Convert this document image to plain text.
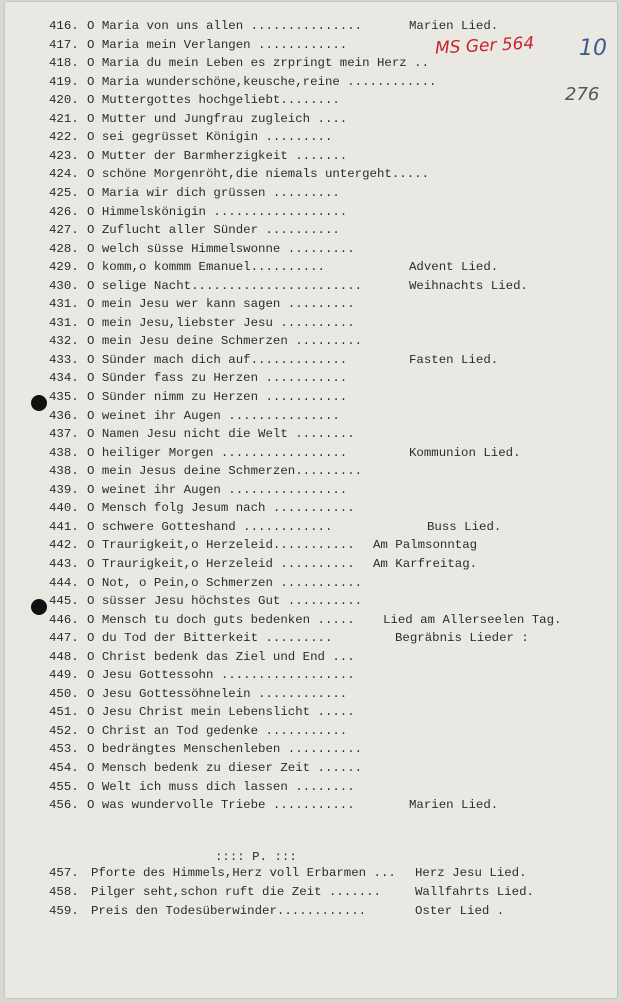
MS Ger 564 10
276
416. O Maria von uns allen ...............	Marien Lied.
417. O Maria mein Verlangen ............
418. O Maria du mein Leben es zrpringt mein Herz ..
419. O Maria wunderschöne,keusche,reine ............
420. O Muttergottes hochgeliebt........
421. O Mutter und Jungfrau zugleich ....
422. O sei gegrüsset Königin .........
423. O Mutter der Barmherzigkeit .......
424. O schöne Morgenröht,die niemals untergeht.....
425. O Maria wir dich grüssen .........
426. O Himmelskönigin ..................
427. O Zuflucht aller Sünder ..........
428. O welch süsse Himmelswonne .........
429. O komm,o kommm Emanuel..........	Advent Lied.
430. O selige Nacht.......................	Weihnachts Lied.
431. O mein Jesu wer kann sagen .........
431. O mein Jesu,liebster Jesu ..........
432. O mein Jesu deine Schmerzen .........
433. O Sünder mach dich auf.............	Fasten Lied.
434. O Sünder fass zu Herzen ...........
435. O Sünder nimm zu Herzen ...........
436. O weinet ihr Augen ...............
437. O Namen Jesu nicht die Welt ........
438. O heiliger Morgen .................	Kommunion Lied.
438. O mein Jesus deine Schmerzen.........
439. O weinet ihr Augen ................
440. O Mensch folg Jesum nach ...........
441. O schwere Gotteshand ............	Buss Lied.
442. O Traurigkeit,o Herzeleid........... Am Palmsonntag
443. O Traurigkeit,o Herzeleid .......... Am Karfreitag.
444. O Not, o Pein,o Schmerzen ...........
445. O süsser Jesu höchstes Gut ..........
446. O Mensch tu doch guts bedenken ..... Lied am Allerseelen Tag.
447. O du Tod der Bitterkeit .........	Begräbnis Lieder :
448. O Christ bedenk das Ziel und End ...
449. O Jesu Gottessohn ..................
450. O Jesu Gottessöhnelein ............
451. O Jesu Christ mein Lebenslicht .....
452. O Christ an Tod gedenke ...........
453. O bedrängtes Menschenleben ..........
454. O Mensch bedenk zu dieser Zeit ......
455. O Welt ich muss dich lassen ........
456. O was wundervolle Triebe ...........	Marien Lied.
:::: P. :::
457. Pforte des Himmels,Herz voll Erbarmen ... Herz Jesu Lied.
458. Pilger seht,schon ruft die Zeit .......	Wallfahrts Lied.
459. Preis den Todesüberwinder............	Oster Lied .
